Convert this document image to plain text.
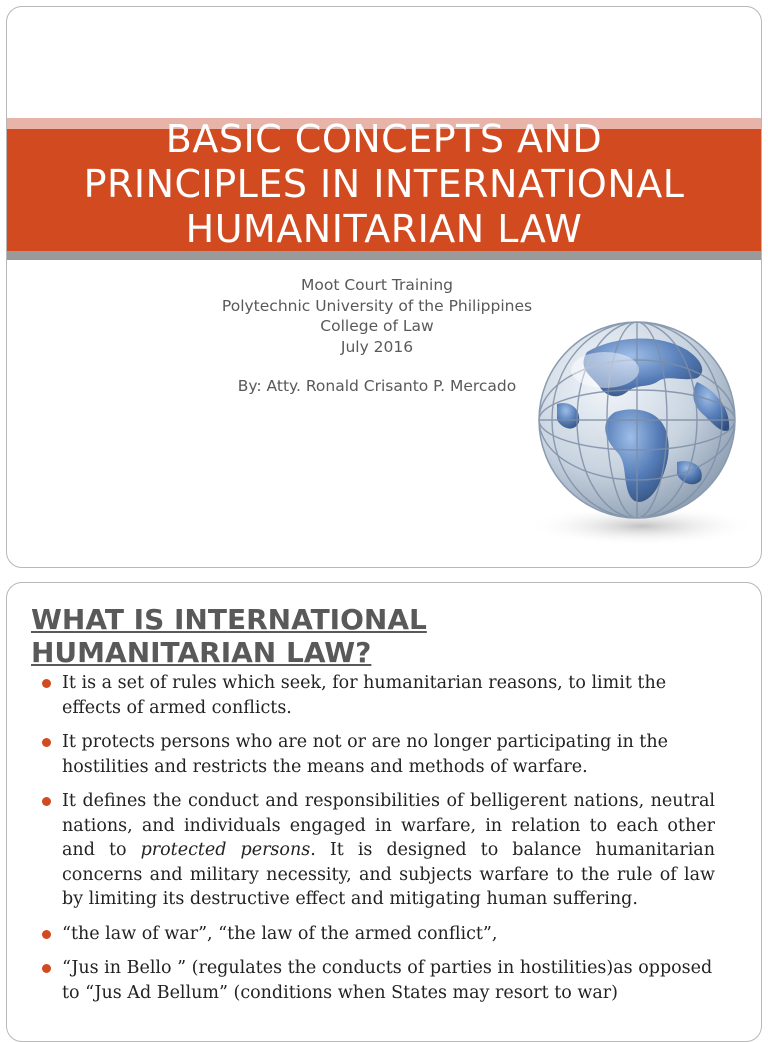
BASIC CONCEPTS AND
PRINCIPLES IN INTERNATIONAL
HUMANITARIAN LAW
Moot Court Training
Polytechnic University of the Philippines
College of Law
July 2016
By: Atty. Ronald Crisanto P. Mercado
WHAT IS INTERNATIONAL
HUMANITARIAN LAW?
It is a set of rules which seek, for humanitarian reasons, to limit the effects of armed conflicts.
It protects persons who are not or are no longer participating in the hostilities and restricts the means and methods of warfare.
It defines the conduct and responsibilities of belligerent nations, neutral nations, and individuals engaged in warfare, in relation to each other and to protected persons. It is designed to balance humanitarian concerns and military necessity, and subjects warfare to the rule of law by limiting its destructive effect and mitigating human suffering.
“the law of war”, “the law of the armed conflict”,
“Jus in Bello ” (regulates the conducts of parties in hostilities)as opposed to “Jus Ad Bellum” (conditions when States may resort to war)
